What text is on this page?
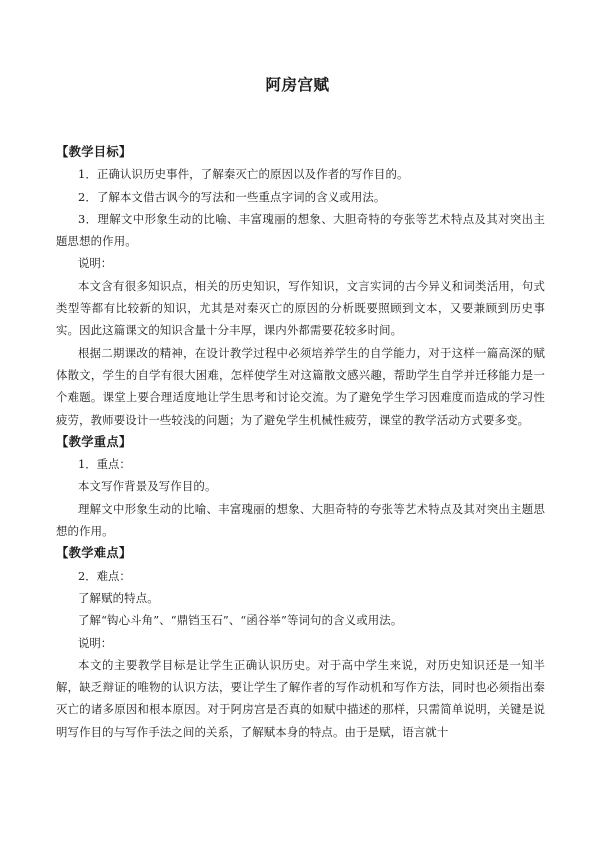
阿房宫赋

【教学目标】

1．正确认识历史事件，了解秦灭亡的原因以及作者的写作目的。

2．了解本文借古讽今的写法和一些重点字词的含义或用法。

3．理解文中形象生动的比喻、丰富瑰丽的想象、大胆奇特的夸张等艺术特点及其对突出主题思想的作用。

说明：

本文含有很多知识点，相关的历史知识，写作知识，文言实词的古今异义和词类活用，句式类型等都有比较新的知识，尤其是对秦灭亡的原因的分析既要照顾到文本，又要兼顾到历史事实。因此这篇课文的知识含量十分丰厚，课内外都需要花较多时间。

根据二期课改的精神，在设计教学过程中必须培养学生的自学能力，对于这样一篇高深的赋体散文，学生的自学有很大困难，怎样使学生对这篇散文感兴趣，帮助学生自学并迁移能力是一个难题。课堂上要合理适度地让学生思考和讨论交流。为了避免学生学习因难度而造成的学习性疲劳，教师要设计一些较浅的问题；为了避免学生机械性疲劳，课堂的教学活动方式要多变。

【教学重点】

1．重点：

本文写作背景及写作目的。

理解文中形象生动的比喻、丰富瑰丽的想象、大胆奇特的夸张等艺术特点及其对突出主题思想的作用。

【教学难点】

2．难点：

了解赋的特点。

了解“钩心斗角”、“鼎铛玉石”、“函谷举”等词句的含义或用法。

说明：

本文的主要教学目标是让学生正确认识历史。对于高中学生来说，对历史知识还是一知半解，缺乏辩证的唯物的认识方法，要让学生了解作者的写作动机和写作方法，同时也必须指出秦灭亡的诸多原因和根本原因。对于阿房宫是否真的如赋中描述的那样，只需简单说明，关键是说明写作目的与写作手法之间的关系，了解赋本身的特点。由于是赋，语言就十
